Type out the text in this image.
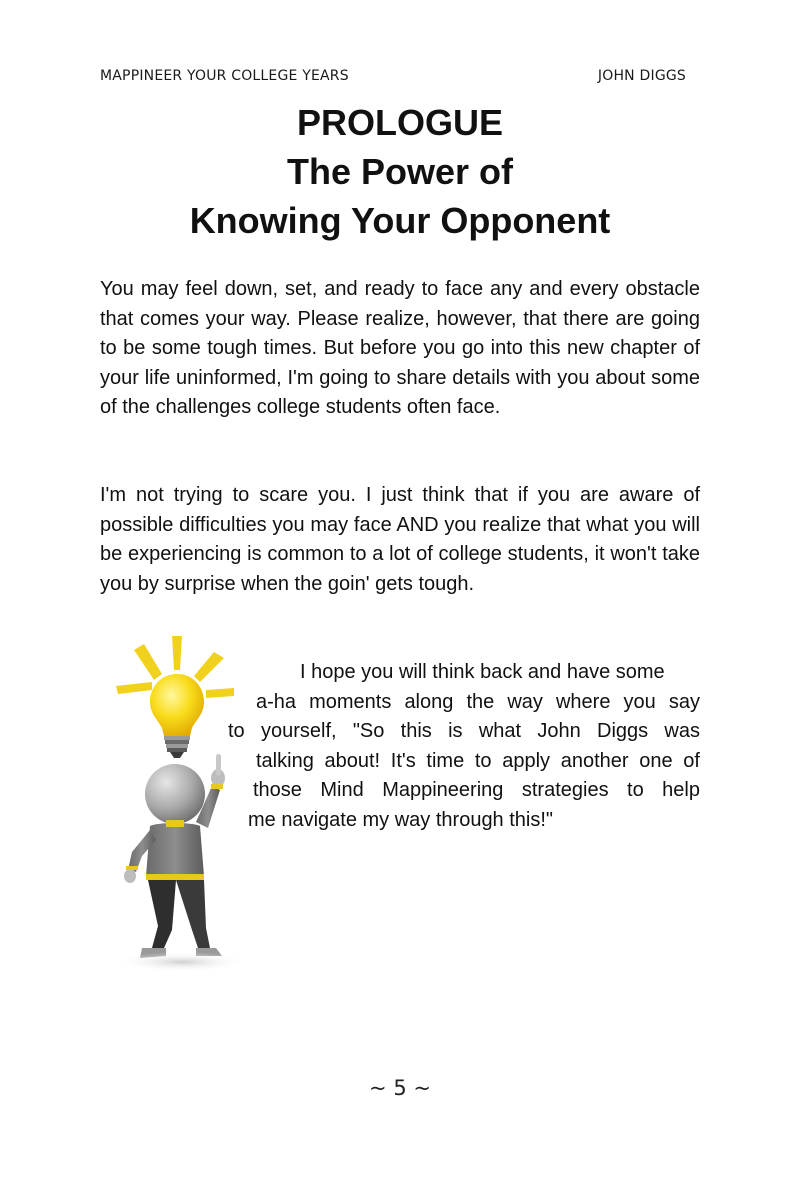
MAPPINEER YOUR COLLEGE YEARS	JOHN DIGGS
PROLOGUE
The Power of
Knowing Your Opponent

You may feel down, set, and ready to face any and every obstacle that comes your way. Please realize, however, that there are going to be some tough times. But before you go into this new chapter of your life uninformed, I'm going to share details with you about some of the challenges college students often face.

I'm not trying to scare you. I just think that if you are aware of possible difficulties you may face AND you realize that what you will be experiencing is common to a lot of college students, it won't take you by surprise when the goin' gets tough.

I hope you will think back and have some
a-ha moments along the way where you say
to yourself, "So this is what John Diggs was
talking about! It's time to apply another one of
those Mind Mappineering strategies to help
me navigate my way through this!"
~ 5 ~
